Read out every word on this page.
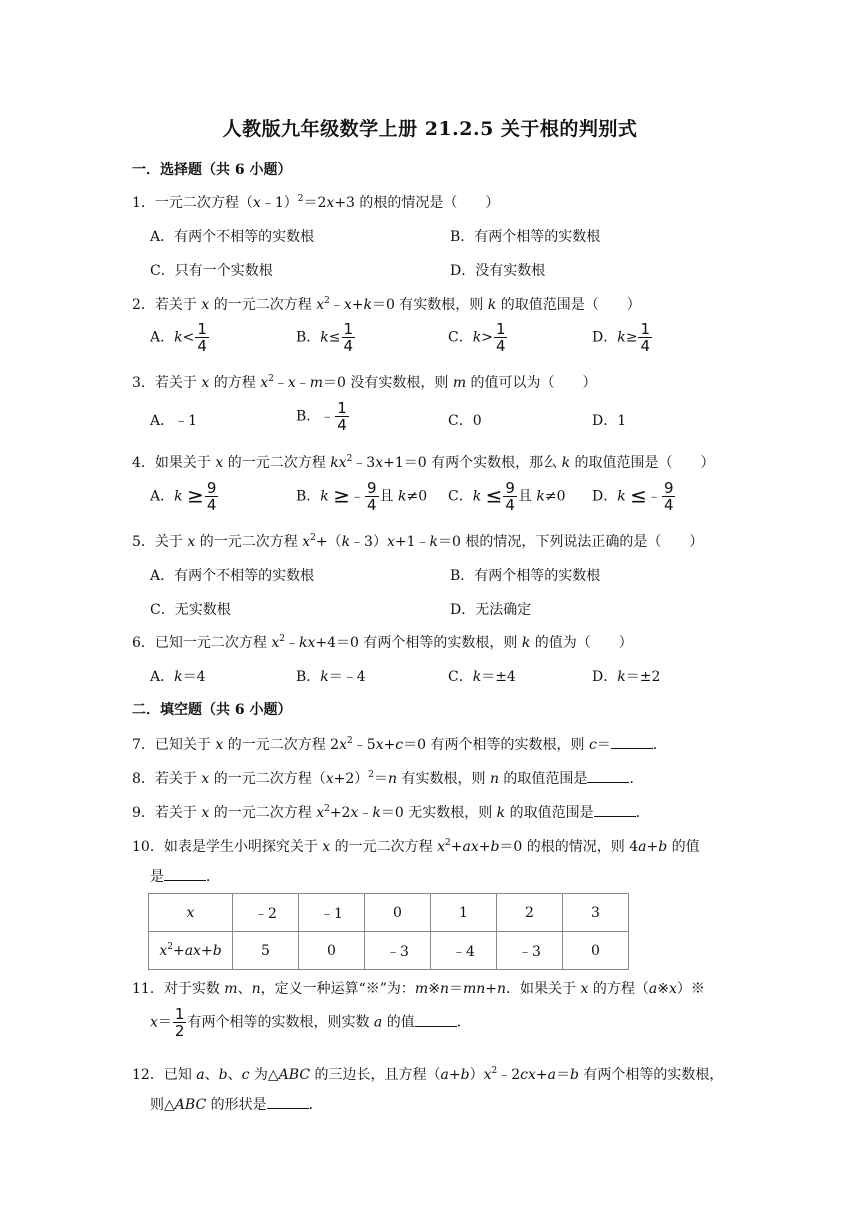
人教版九年级数学上册 21.2.5 关于根的判别式
一．选择题（共 6 小题）
1．一元二次方程（x﹣1）$^2$＝2x+3 的根的情况是（　　）
A．有两个不相等的实数根	B．有两个相等的实数根
C．只有一个实数根	D．没有实数根
2．若关于 x 的一元二次方程 $x^2﹣x+k=0$ 有实数根，则 k 的取值范围是（　　）
A．$k< \frac{1}{4}$	B．$k\le \frac{1}{4}$	C．$k> \frac{1}{4}$	D．$k\ge \frac{1}{4}$
3．若关于 x 的方程 $x^2﹣x﹣m=0$ 没有实数根，则 m 的值可以为（　　）
A．﹣1	B．﹣ $\frac{1}{4}$	C．0	D．1
4．如果关于 x 的一元二次方程 $kx^2﹣3x+1=0$ 有两个实数根，那么 k 的取值范围是（　　）
A．$k \ge \frac{9}{4}$	B．k ≥﹣ $\frac{9}{4}$ 且 k≠0 C．$k \le \frac{9}{4}$ 且 k≠0 D．k ≤﹣ $\frac{9}{4}$
5．关于 x 的一元二次方程 $x^2+(k﹣3)x+1﹣k=0$ 根的情况，下列说法正确的是（　　）
A．有两个不相等的实数根	B．有两个相等的实数根
C．无实数根	D．无法确定
6．已知一元二次方程 $x^2﹣kx+4=0$ 有两个相等的实数根，则 k 的值为（　　）
A．k＝4	B．k＝﹣4	C．k＝±4	D．k＝±2
二．填空题（共 6 小题）
7．已知关于 x 的一元二次方程 $2x^2﹣5x+c=0$ 有两个相等的实数根，则 c＝	．
8．若关于 x 的一元二次方程$(x+2)^2=n$ 有实数根，则 n 的取值范围是	．
9．若关于 x 的一元二次方程 $x^2+2x﹣k=0$ 无实数根，则 k 的取值范围是	．
10．如表是学生小明探究关于 x 的一元二次方程 $x^2+ax+b=0$ 的根的情况，则 4a+b 的值
是	．
x	﹣2	﹣1	0	1	2	3
$x^2+ax+b$	5	0	﹣3	﹣4	﹣3	0
11．对于实数 m、n，定义一种运算“※”为：m※n＝mn+n．如果关于 x 的方程（a※x）※
$x= \frac{1}{2}$ 有两个相等的实数根，则实数 a 的值	．
12．已知 a、b、c 为△ABC 的三边长，且方程$(a+b)x^2﹣2cx+a=b$ 有两个相等的实数根，
则△ABC 的形状是	．
